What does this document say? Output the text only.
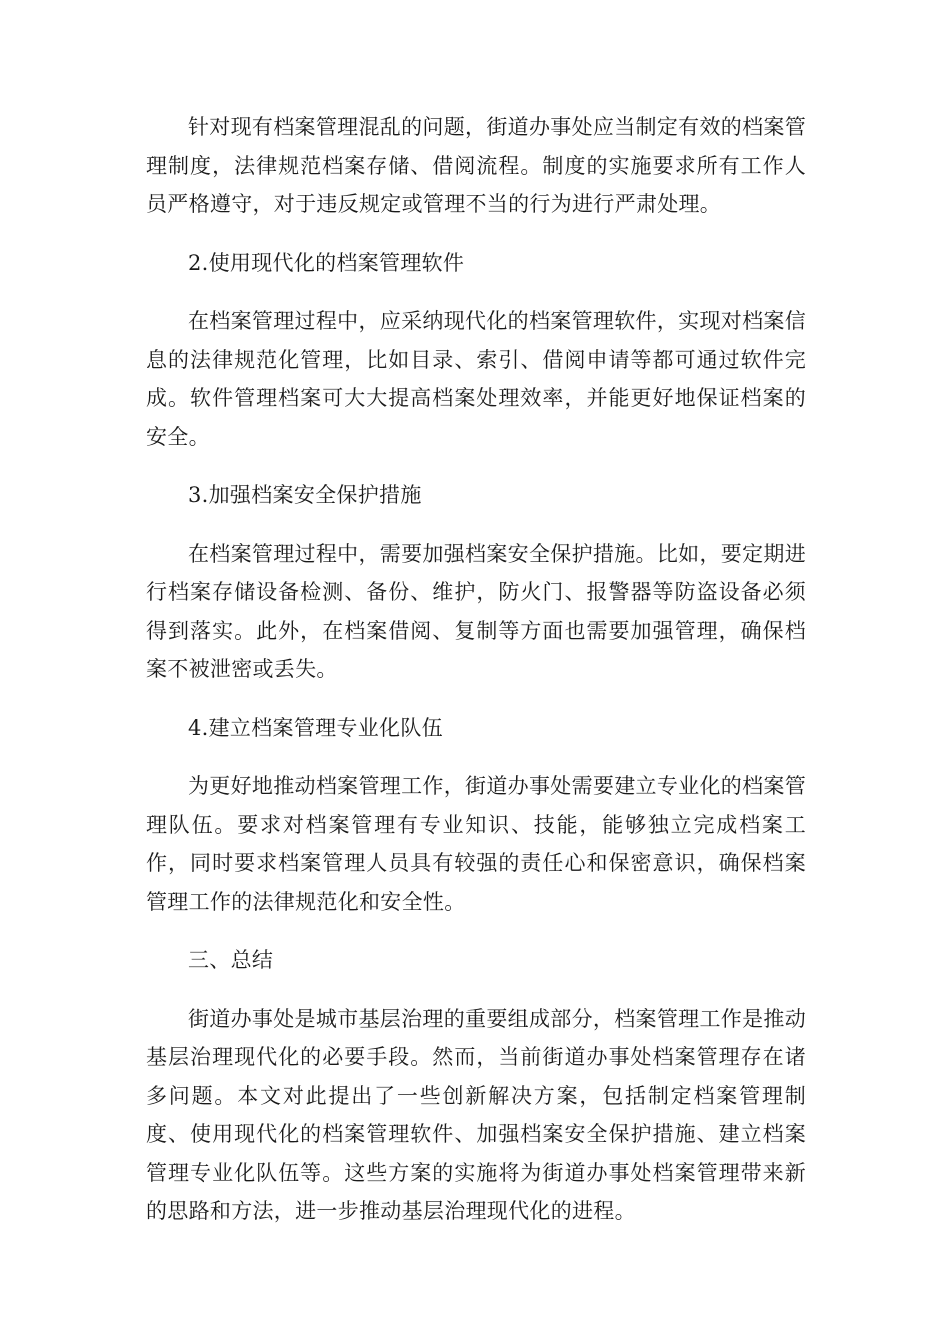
针对现有档案管理混乱的问题，街道办事处应当制定有效的档案管理制度，法律规范档案存储、借阅流程。制度的实施要求所有工作人员严格遵守，对于违反规定或管理不当的行为进行严肃处理。

2.使用现代化的档案管理软件

在档案管理过程中，应采纳现代化的档案管理软件，实现对档案信息的法律规范化管理，比如目录、索引、借阅申请等都可通过软件完成。软件管理档案可大大提高档案处理效率，并能更好地保证档案的安全。

3.加强档案安全保护措施

在档案管理过程中，需要加强档案安全保护措施。比如，要定期进行档案存储设备检测、备份、维护，防火门、报警器等防盗设备必须得到落实。此外，在档案借阅、复制等方面也需要加强管理，确保档案不被泄密或丢失。

4.建立档案管理专业化队伍

为更好地推动档案管理工作，街道办事处需要建立专业化的档案管理队伍。要求对档案管理有专业知识、技能，能够独立完成档案工作，同时要求档案管理人员具有较强的责任心和保密意识，确保档案管理工作的法律规范化和安全性。

三、总结

街道办事处是城市基层治理的重要组成部分，档案管理工作是推动基层治理现代化的必要手段。然而，当前街道办事处档案管理存在诸多问题。本文对此提出了一些创新解决方案，包括制定档案管理制度、使用现代化的档案管理软件、加强档案安全保护措施、建立档案管理专业化队伍等。这些方案的实施将为街道办事处档案管理带来新的思路和方法，进一步推动基层治理现代化的进程。
